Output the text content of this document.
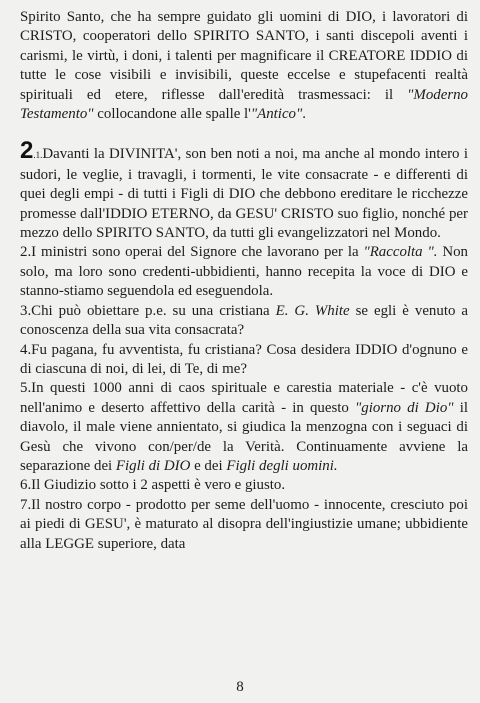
Spirito Santo, che ha sempre guidato gli uomini di DIO, i lavoratori di CRISTO, cooperatori dello SPIRITO SANTO, i santi discepoli aventi i carismi, le virtù, i doni, i talenti per magnificare il CREATORE IDDIO di tutte le cose visibili e invisibili, queste eccelse e stupefacenti realtà spirituali ed etere, riflesse dall'eredità trasmessaci: il "Moderno Testamento" collocandone alle spalle l'"Antico".

2.1.Davanti la DIVINITA', son ben noti a noi, ma anche al mondo intero i sudori, le veglie, i travagli, i tormenti, le vite consacrate - e differenti di quei degli empi - di tutti i Figli di DIO che debbono ereditare le ricchezze promesse dall'IDDIO ETERNO, da GESU' CRISTO suo figlio, nonché per mezzo dello SPIRITO SANTO, da tutti gli evangelizzatori nel Mondo.

2.I ministri sono operai del Signore che lavorano per la "Raccolta ". Non solo, ma loro sono credenti-ubbidienti, hanno recepita la voce di DIO e stanno-stiamo seguendola ed eseguendola.

3.Chi può obiettare p.e. su una cristiana E. G. White se egli è venuto a conoscenza della sua vita consacrata?

4.Fu pagana, fu avventista, fu cristiana? Cosa desidera IDDIO d'ognuno e di ciascuna di noi, di lei, di Te, di me?

5.In questi 1000 anni di caos spirituale e carestia materiale - c'è vuoto nell'animo e deserto affettivo della carità - in questo "giorno di Dio" il diavolo, il male viene annientato, si giudica la menzogna con i seguaci di Gesù che vivono con/per/de la Verità. Continuamente avviene la separazione dei Figli di DIO e dei Figli degli uomini.

6.Il Giudizio sotto i 2 aspetti è vero e giusto.

7.Il nostro corpo - prodotto per seme dell'uomo - innocente, cresciuto poi ai piedi di GESU', è maturato al disopra dell'ingiustizie umane; ubbidiente alla LEGGE superiore, data

8
